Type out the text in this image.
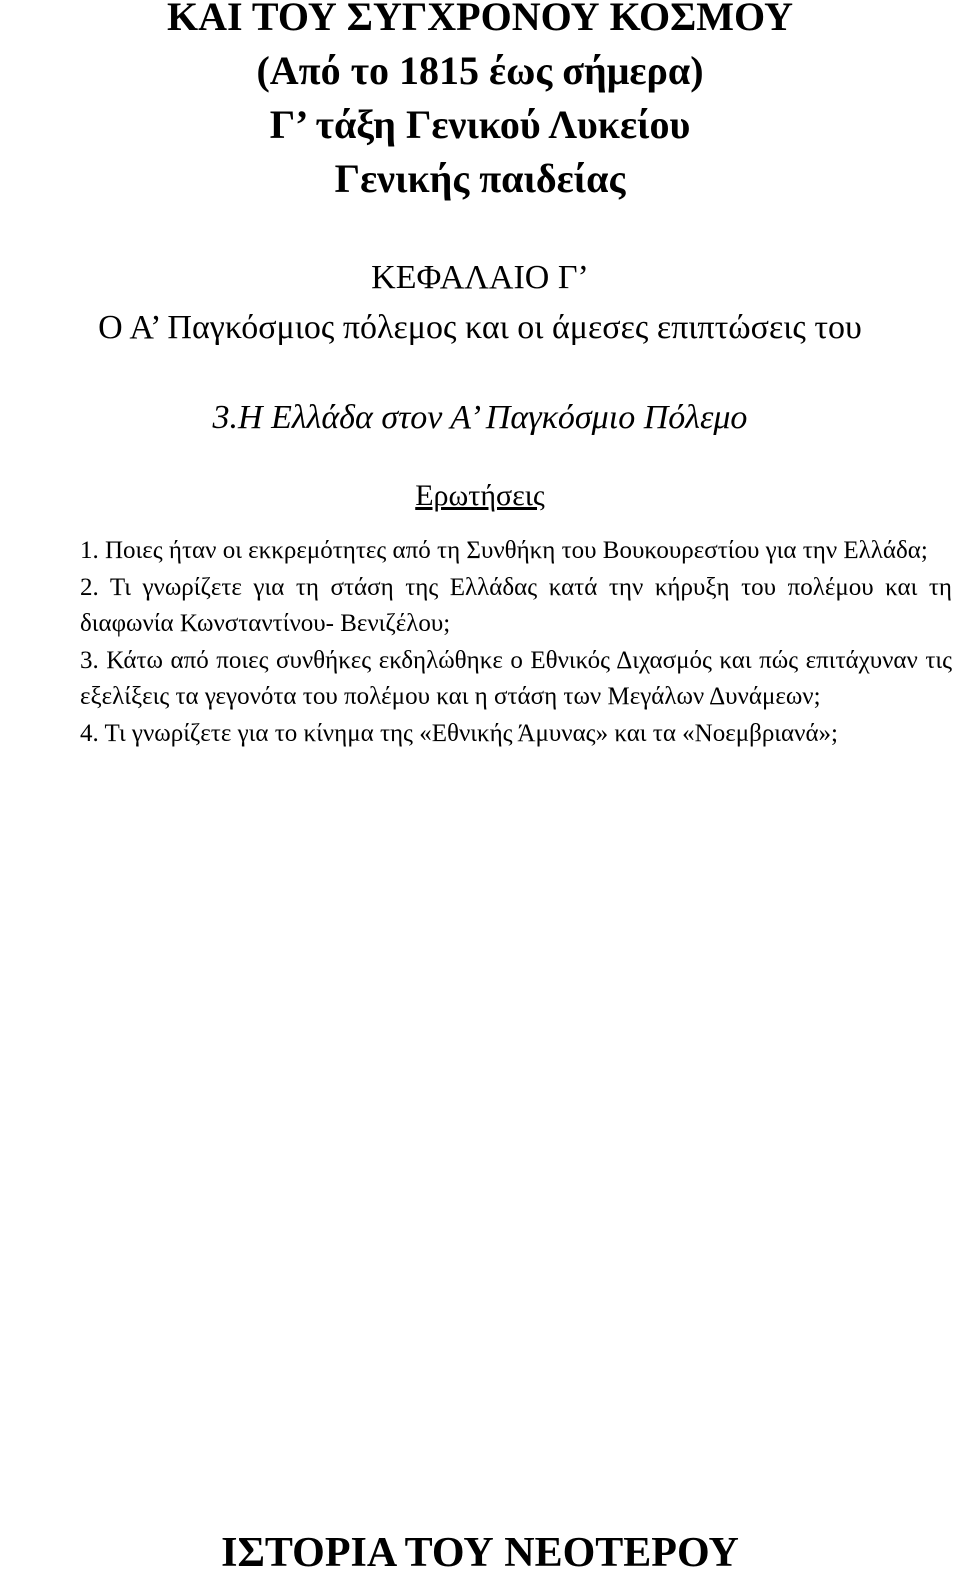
ΚΑΙ ΤΟΥ ΣΥΓΧΡΟΝΟΥ ΚΟΣΜΟΥ
(Από το 1815 έως σήμερα)
Γ’ τάξη Γενικού Λυκείου
Γενικής παιδείας
ΚΕΦΑΛΑΙΟ Γ’
Ο Α’ Παγκόσμιος πόλεμος και οι άμεσες επιπτώσεις του
3.Η Ελλάδα στον Α’ Παγκόσμιο Πόλεμο
Ερωτήσεις

1. Ποιες ήταν οι εκκρεμότητες από τη Συνθήκη του Βουκουρεστίου για την Ελλάδα;

2. Τι γνωρίζετε για τη στάση της Ελλάδας κατά την κήρυξη του πολέμου και τη διαφωνία Κωνσταντίνου- Βενιζέλου;

3. Κάτω από ποιες συνθήκες εκδηλώθηκε ο Εθνικός Διχασμός και πώς επιτάχυναν τις εξελίξεις τα γεγονότα του πολέμου και η στάση των Μεγάλων Δυνάμεων;

4. Τι γνωρίζετε για το κίνημα της «Εθνικής Άμυνας» και τα «Νοεμβριανά»;

ΙΣΤΟΡΙΑ ΤΟΥ ΝΕΟΤΕΡΟΥ
